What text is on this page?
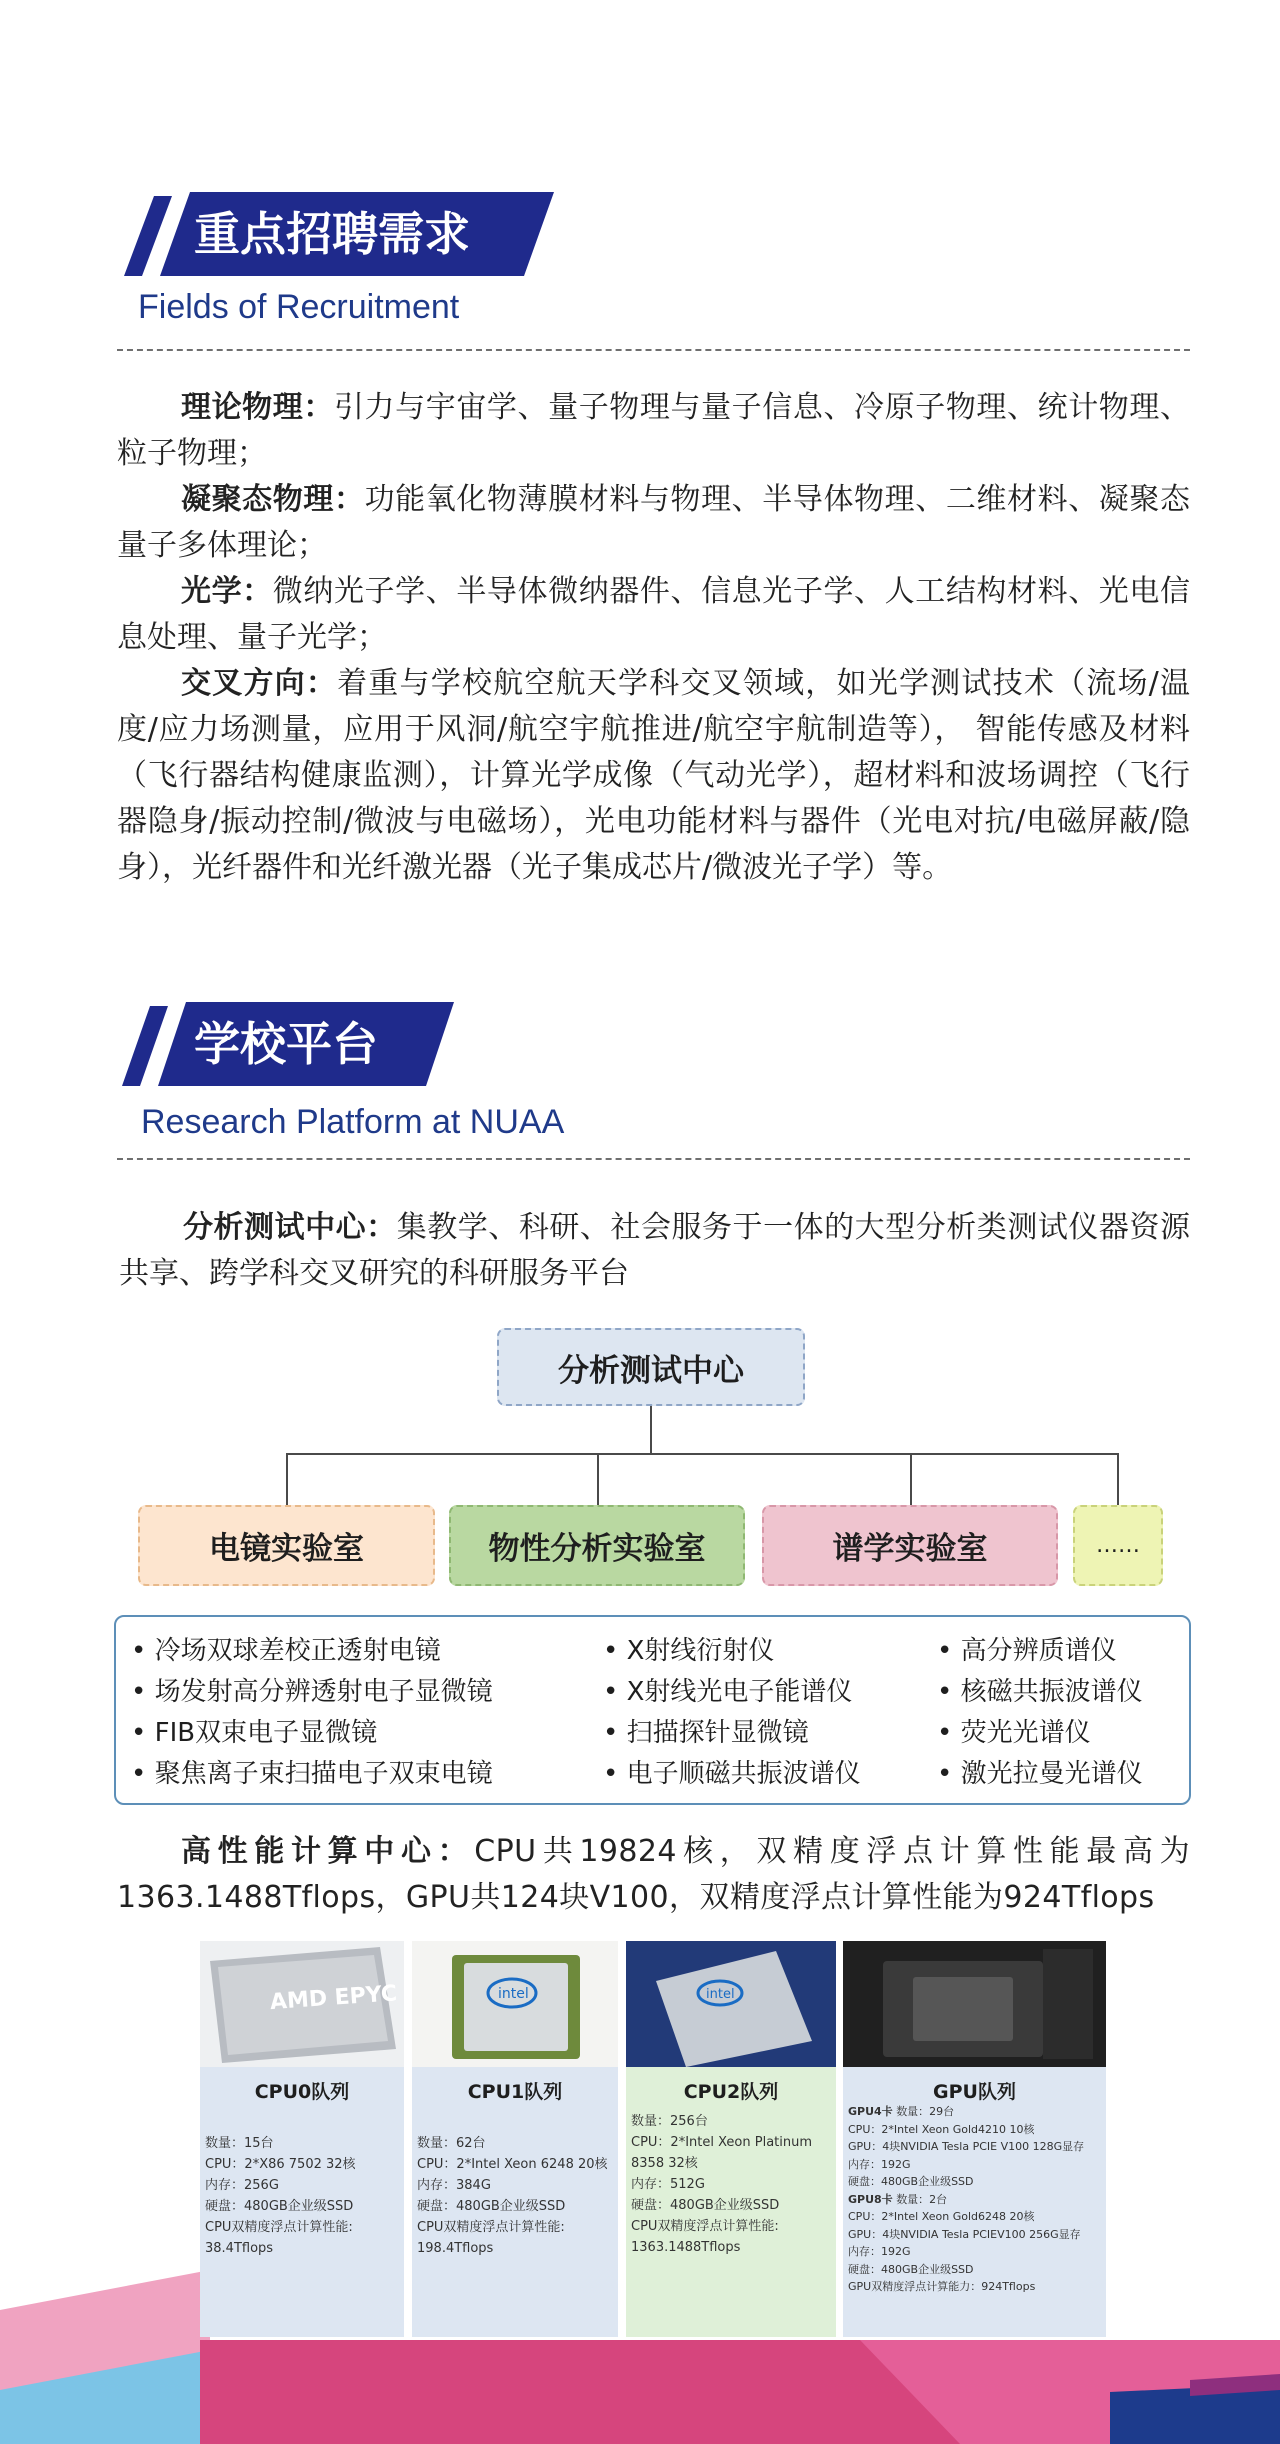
重点招聘需求
Fields of Recruitment
理论物理：引力与宇宙学、量子物理与量子信息、冷原子物理、统计物理、粒子物理；
凝聚态物理：功能氧化物薄膜材料与物理、半导体物理、二维材料、凝聚态量子多体理论；
光学：微纳光子学、半导体微纳器件、信息光子学、人工结构材料、光电信息处理、量子光学；
交叉方向：着重与学校航空航天学科交叉领域，如光学测试技术（流场/温度/应力场测量，应用于风洞/航空宇航推进/航空宇航制造等）， 智能传感及材料（飞行器结构健康监测），计算光学成像（气动光学），超材料和波场调控（飞行器隐身/振动控制/微波与电磁场），光电功能材料与器件（光电对抗/电磁屏蔽/隐身），光纤器件和光纤激光器（光子集成芯片/微波光子学）等。
学校平台
Research Platform at NUAA
分析测试中心：集教学、科研、社会服务于一体的大型分析类测试仪器资源共享、跨学科交叉研究的科研服务平台
分析测试中心
电镜实验室	物性分析实验室	谱学实验室	……
• 冷场双球差校正透射电镜
• 场发射高分辨透射电子显微镜
• FIB双束电子显微镜
• 聚焦离子束扫描电子双束电镜
• X射线衍射仪
• X射线光电子能谱仪
• 扫描探针显微镜
• 电子顺磁共振波谱仪
• 高分辨质谱仪
• 核磁共振波谱仪
• 荧光光谱仪
• 激光拉曼光谱仪
高性能计算中心：CPU共19824核，双精度浮点计算性能最高为1363.1488Tflops，GPU共124块V100，双精度浮点计算性能为924Tflops
AMD EPYC
CPU0队列
数量：15台
CPU：2*X86 7502 32核
内存：256G
硬盘：480GB企业级SSD
CPU双精度浮点计算性能:
38.4Tflops
intel
CPU1队列
数量：62台
CPU：2*Intel Xeon 6248 20核
内存：384G
硬盘：480GB企业级SSD
CPU双精度浮点计算性能:
198.4Tflops
intel
CPU2队列
数量：256台
CPU：2*Intel Xeon Platinum
8358 32核
内存：512G
硬盘：480GB企业级SSD
CPU双精度浮点计算性能:
1363.1488Tflops
GPU队列
GPU4卡 数量：29台
CPU：2*Intel Xeon Gold4210 10核
GPU：4块NVIDIA Tesla PCIE V100 128G显存
内存：192G
硬盘：480GB企业级SSD
GPU8卡 数量：2台
CPU：2*Intel Xeon Gold6248 20核
GPU：4块NVIDIA Tesla PCIEV100 256G显存
内存：192G
硬盘：480GB企业级SSD
GPU双精度浮点计算能力：924Tflops
